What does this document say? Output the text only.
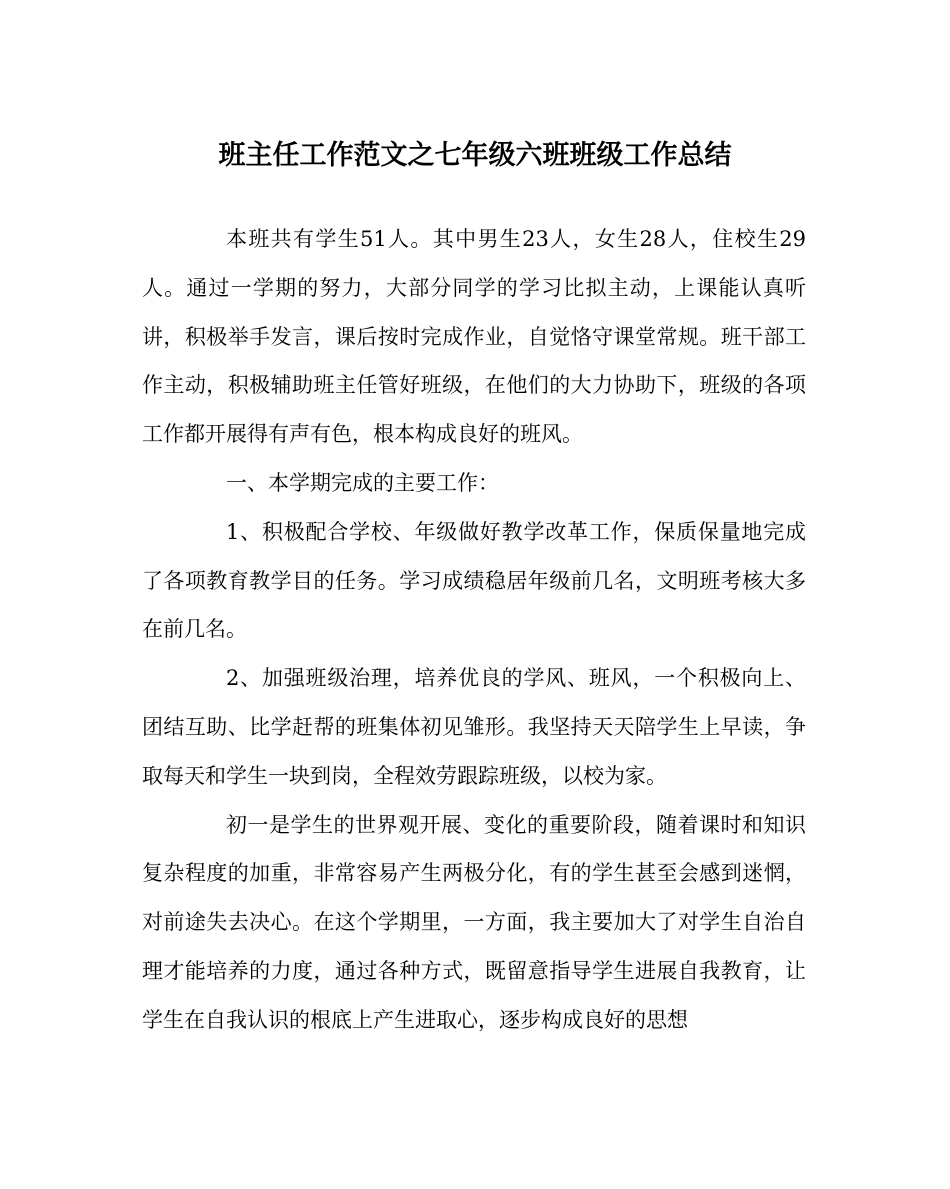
班主任工作范文之七年级六班班级工作总结

本班共有学生51人。其中男生23人，女生28人，住校生29人。通过一学期的努力，大部分同学的学习比拟主动，上课能认真听讲，积极举手发言，课后按时完成作业，自觉恪守课堂常规。班干部工作主动，积极辅助班主任管好班级，在他们的大力协助下，班级的各项工作都开展得有声有色，根本构成良好的班风。

一、本学期完成的主要工作：

1、积极配合学校、年级做好教学改革工作，保质保量地完成了各项教育教学目的任务。学习成绩稳居年级前几名，文明班考核大多在前几名。

2、加强班级治理，培养优良的学风、班风，一个积极向上、团结互助、比学赶帮的班集体初见雏形。我坚持天天陪学生上早读，争取每天和学生一块到岗，全程效劳跟踪班级，以校为家。

初一是学生的世界观开展、变化的重要阶段，随着课时和知识复杂程度的加重，非常容易产生两极分化，有的学生甚至会感到迷惘，对前途失去决心。在这个学期里，一方面，我主要加大了对学生自治自理才能培养的力度，通过各种方式，既留意指导学生进展自我教育，让学生在自我认识的根底上产生进取心，逐步构成良好的思想
